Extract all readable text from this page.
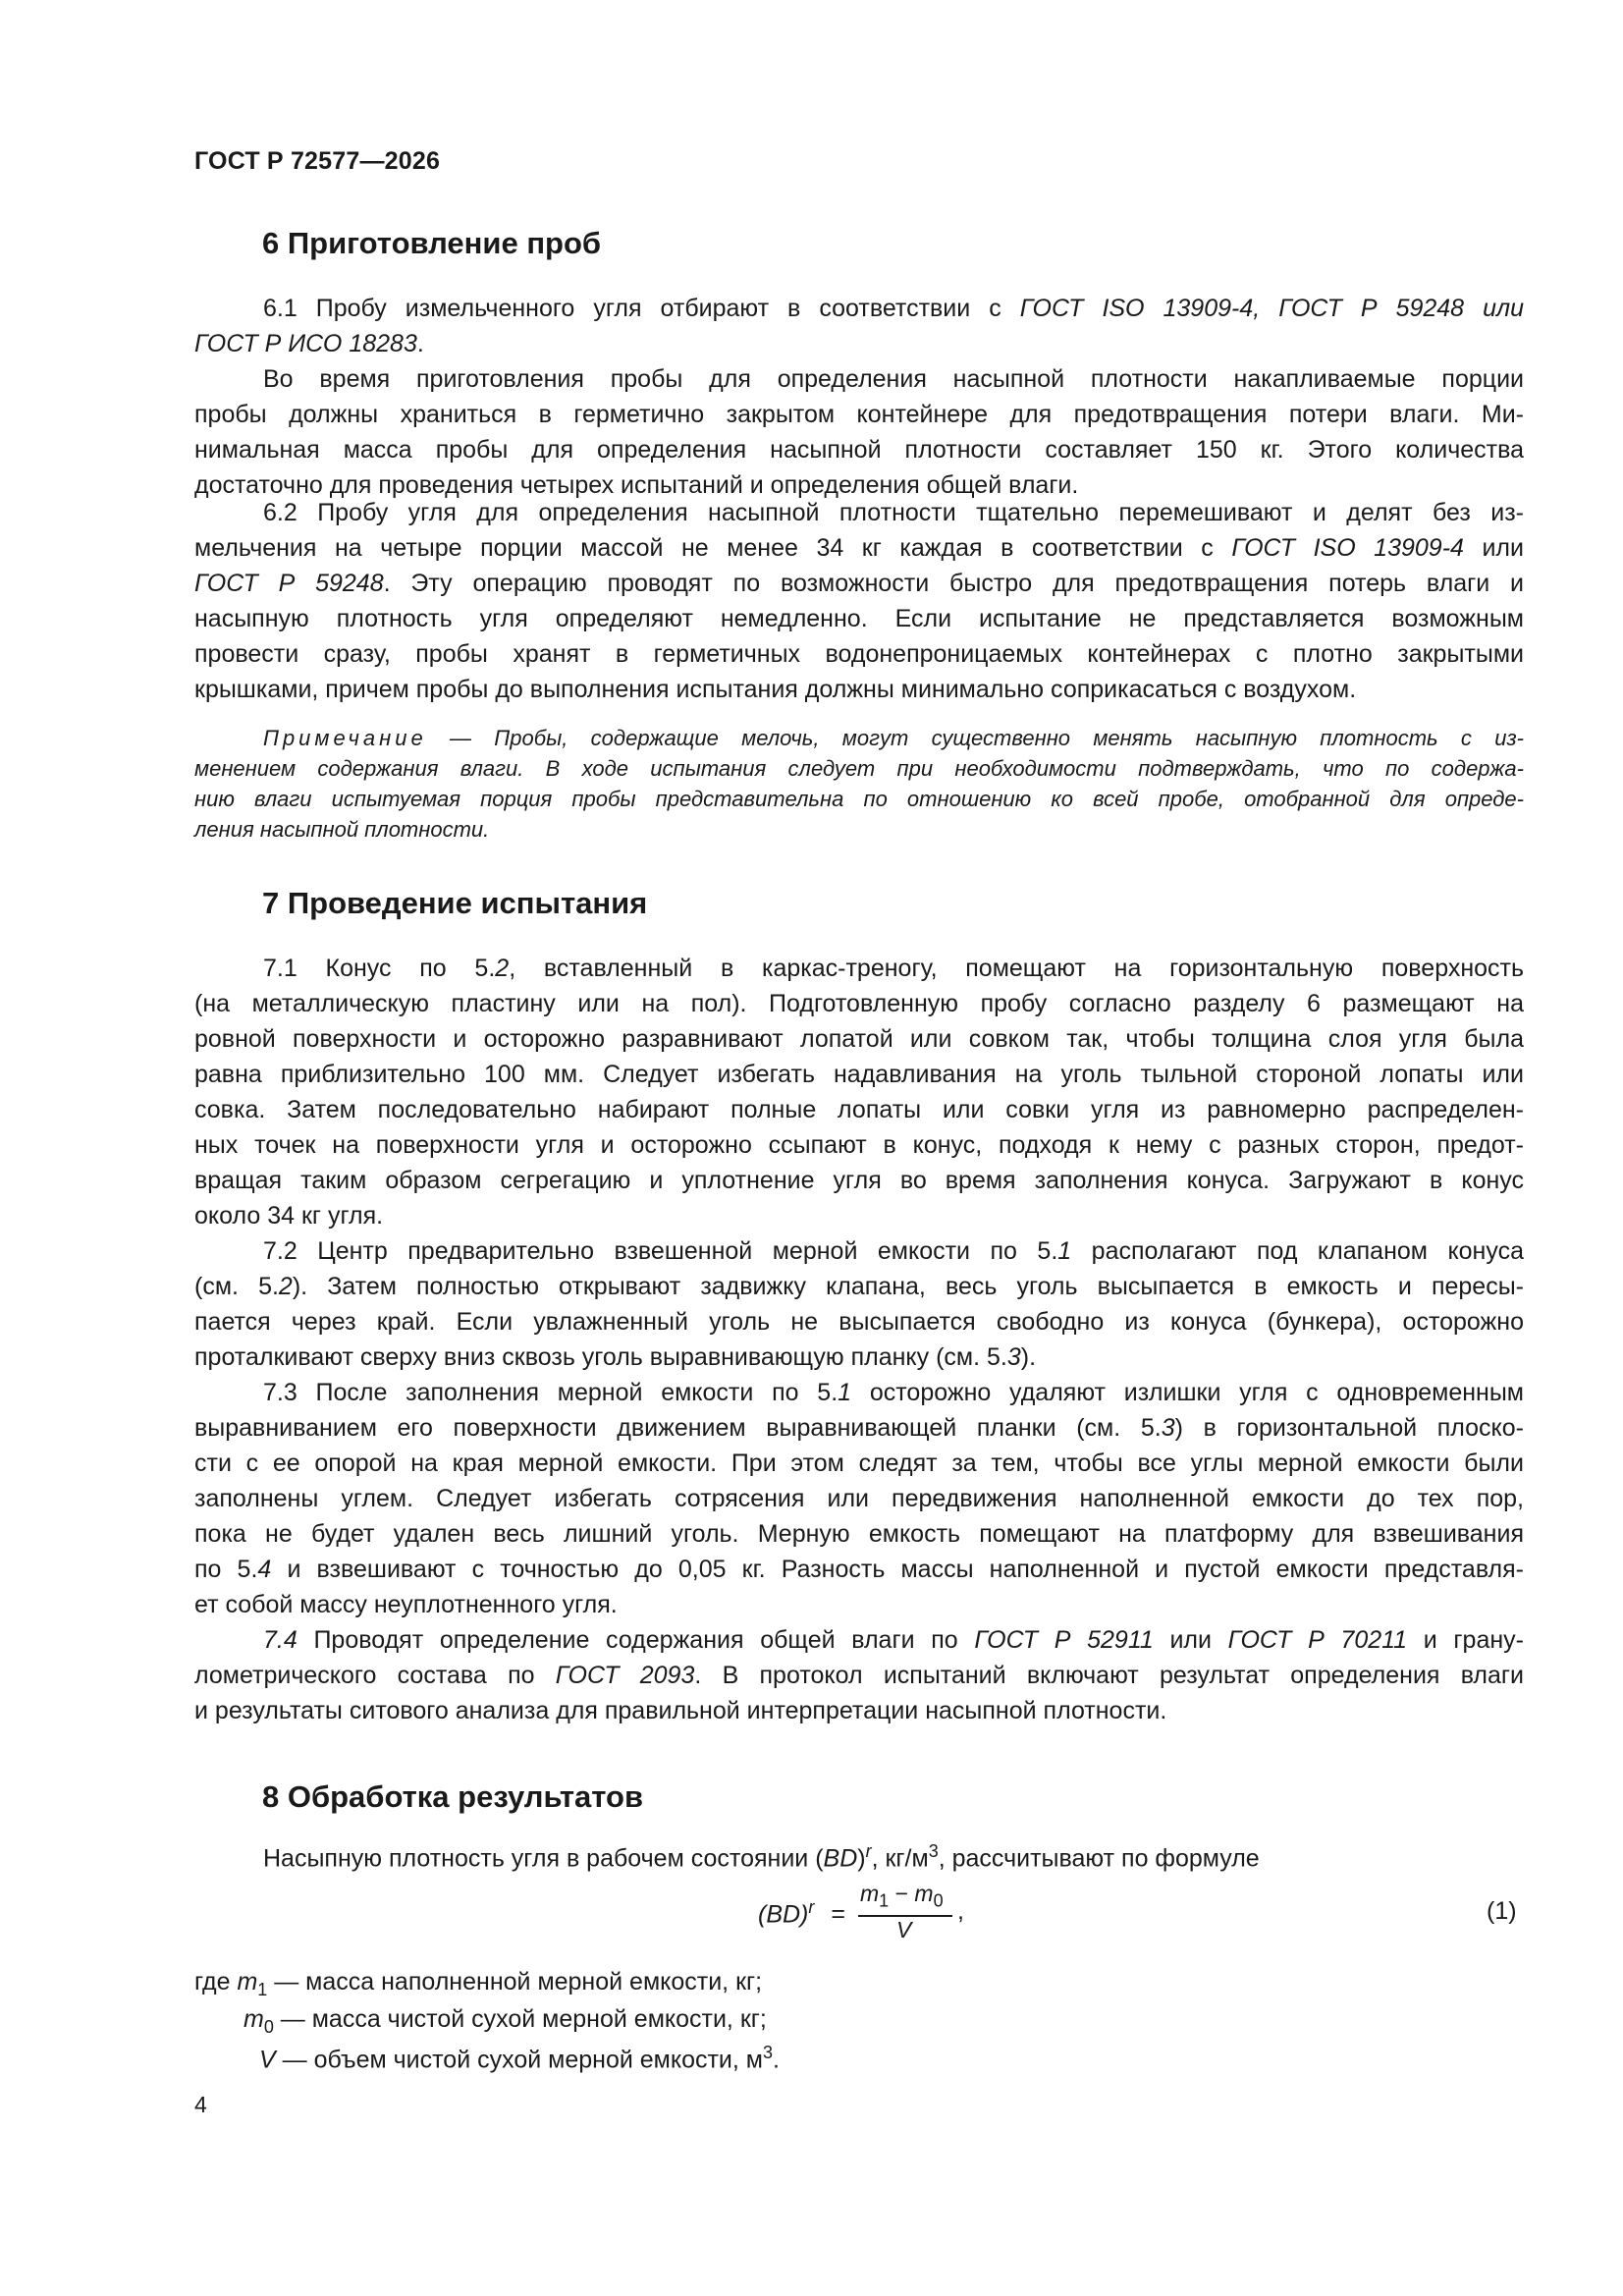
ГОСТ Р 72577—2026
6 Приготовление проб
6.1 Пробу измельченного угля отбирают в соответствии с ГОСТ ISO 13909-4, ГОСТ Р 59248 или
ГОСТ Р ИСО 18283.
Во время приготовления пробы для определения насыпной плотности накапливаемые порции
пробы должны храниться в герметично закрытом контейнере для предотвращения потери влаги. Ми-
нимальная масса пробы для определения насыпной плотности составляет 150 кг. Этого количества
достаточно для проведения четырех испытаний и определения общей влаги.
6.2 Пробу угля для определения насыпной плотности тщательно перемешивают и делят без из-
мельчения на четыре порции массой не менее 34 кг каждая в соответствии с ГОСТ ISO 13909-4 или
ГОСТ Р 59248. Эту операцию проводят по возможности быстро для предотвращения потерь влаги и
насыпную плотность угля определяют немедленно. Если испытание не представляется возможным
провести сразу, пробы хранят в герметичных водонепроницаемых контейнерах с плотно закрытыми
крышками, причем пробы до выполнения испытания должны минимально соприкасаться с воздухом.
Примечание — Пробы, содержащие мелочь, могут существенно менять насыпную плотность с из-
менением содержания влаги. В ходе испытания следует при необходимости подтверждать, что по содержа-
нию влаги испытуемая порция пробы представительна по отношению ко всей пробе, отобранной для опреде-
ления насыпной плотности.
7 Проведение испытания
7.1 Конус по 5.2, вставленный в каркас-треногу, помещают на горизонтальную поверхность
(на металлическую пластину или на пол). Подготовленную пробу согласно разделу 6 размещают на
ровной поверхности и осторожно разравнивают лопатой или совком так, чтобы толщина слоя угля была
равна приблизительно 100 мм. Следует избегать надавливания на уголь тыльной стороной лопаты или
совка. Затем последовательно набирают полные лопаты или совки угля из равномерно распределен-
ных точек на поверхности угля и осторожно ссыпают в конус, подходя к нему с разных сторон, предот-
вращая таким образом сегрегацию и уплотнение угля во время заполнения конуса. Загружают в конус
около 34 кг угля.
7.2 Центр предварительно взвешенной мерной емкости по 5.1 располагают под клапаном конуса
(см. 5.2). Затем полностью открывают задвижку клапана, весь уголь высыпается в емкость и пересы-
пается через край. Если увлажненный уголь не высыпается свободно из конуса (бункера), осторожно
проталкивают сверху вниз сквозь уголь выравнивающую планку (см. 5.3).
7.3 После заполнения мерной емкости по 5.1 осторожно удаляют излишки угля с одновременным
выравниванием его поверхности движением выравнивающей планки (см. 5.3) в горизонтальной плоско-
сти с ее опорой на края мерной емкости. При этом следят за тем, чтобы все углы мерной емкости были
заполнены углем. Следует избегать сотрясения или передвижения наполненной емкости до тех пор,
пока не будет удален весь лишний уголь. Мерную емкость помещают на платформу для взвешивания
по 5.4 и взвешивают с точностью до 0,05 кг. Разность массы наполненной и пустой емкости представля-
ет собой массу неуплотненного угля.
7.4 Проводят определение содержания общей влаги по ГОСТ Р 52911 или ГОСТ Р 70211 и грану-
лометрического состава по ГОСТ 2093. В протокол испытаний включают результат определения влаги
и результаты ситового анализа для правильной интерпретации насыпной плотности.
8 Обработка результатов
Насыпную плотность угля в рабочем состоянии (BD)$^r$, $кг/м^3$, рассчитывают по формуле
(BD)$^r$ =
$m_1 - m_0$
V
,	(1)
где $m_1$ — масса наполненной мерной емкости, кг;
$m_0$ — масса чистой сухой мерной емкости, кг;
V — объем чистой сухой мерной емкости, $м^3$.
4
